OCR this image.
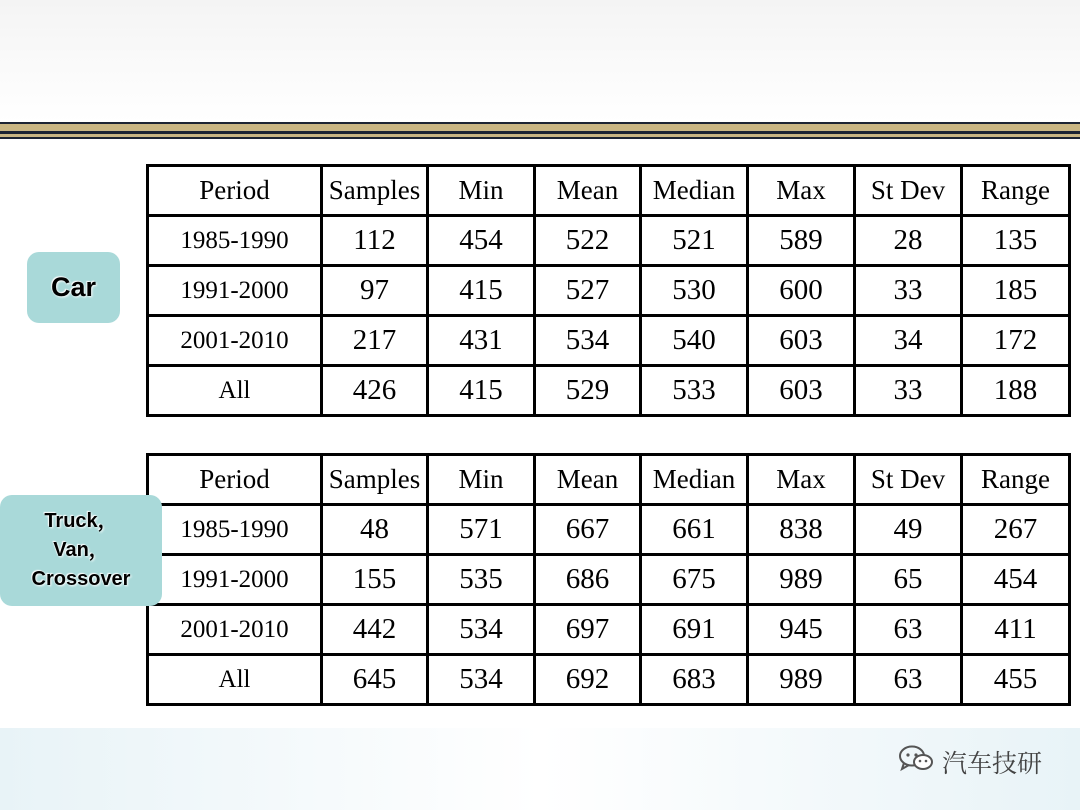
Period	Samples	Min	Mean	Median	Max	St Dev	Range
1985-1990	112	454	522	521	589	28	135
1991-2000	97	415	527	530	600	33	185
2001-2010	217	431	534	540	603	34	172
All	426	415	529	533	603	33	188
Period	Samples	Min	Mean	Median	Max	St Dev	Range
1985-1990	48	571	667	661	838	49	267
1991-2000	155	535	686	675	989	65	454
2001-2010	442	534	697	691	945	63	411
All	645	534	692	683	989	63	455
Car
Truck，
Van，
Crossover
汽车技研
